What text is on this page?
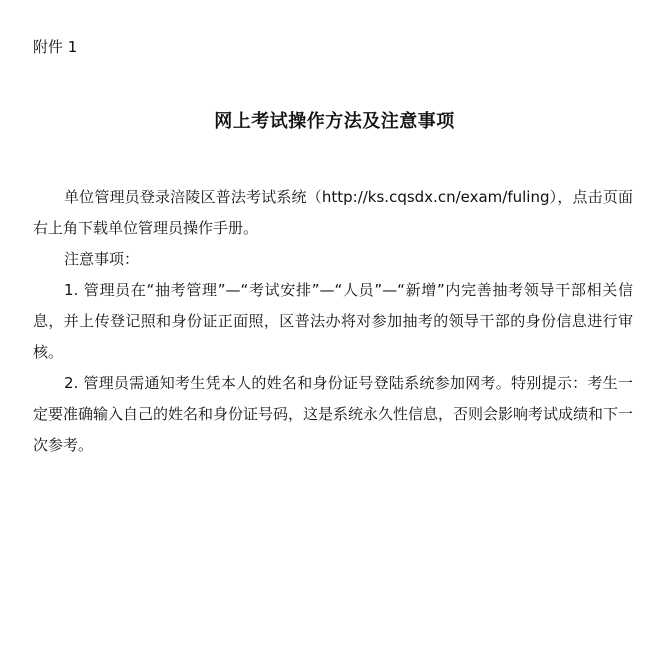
附件 1
网上考试操作方法及注意事项

单位管理员登录涪陵区普法考试系统（http://ks.cqsdx.cn/exam/fuling），点击页面右上角下载单位管理员操作手册。

注意事项：

1. 管理员在“抽考管理”—“考试安排”—“人员”—“新增”内完善抽考领导干部相关信息，并上传登记照和身份证正面照，区普法办将对参加抽考的领导干部的身份信息进行审核。

2. 管理员需通知考生凭本人的姓名和身份证号登陆系统参加网考。特别提示：考生一定要准确输入自己的姓名和身份证号码，这是系统永久性信息，否则会影响考试成绩和下一次参考。
